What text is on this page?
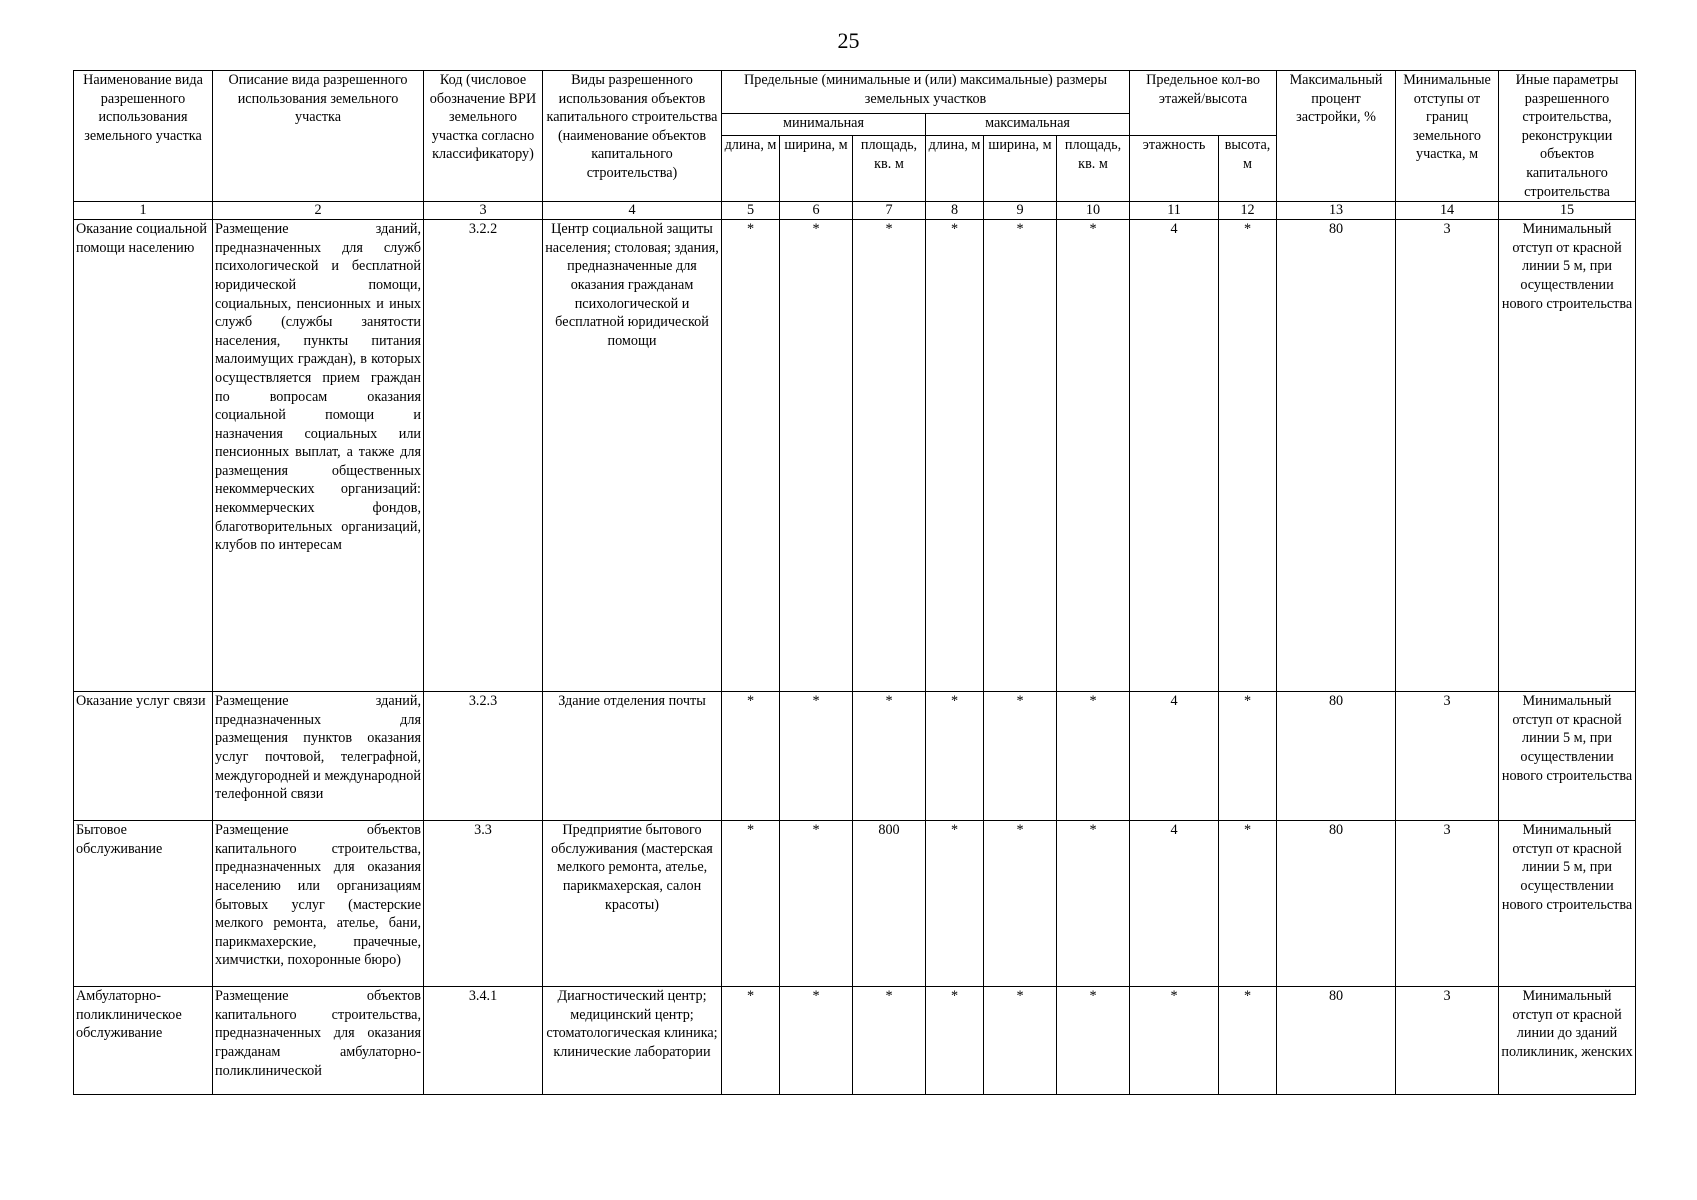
25
Наименование вида разрешенного использования земельного участка	Описание вида разрешенного использования земельного участка	Код (числовое обозначение ВРИ земельного участка согласно классификатору)	Виды разрешенного использования объектов капитального строительства (наименование объектов капитального строительства)	Предельные (минимальные и (или) максимальные) размеры земельных участков						Предельное кол-во этажей/высота		Максимальный процент застройки, %	Минимальные отступы от границ земельного участка, м	Иные параметры разрешенного строительства, реконструкции объектов капитального строительства
				минимальная			максимальная							
				длина, м	ширина, м	площадь, кв. м	длина, м	ширина, м	площадь, кв. м	этажность	высота, м			
1	2	3	4	5	6	7	8	9	10	11	12	13	14	15
Оказание социальной помощи населению	Размещение зданий, предназначенных для служб психологической и бесплатной юридической помощи, социальных, пенсионных и иных служб (службы занятости населения, пункты питания малоимущих граждан), в которых осуществляется прием граждан по вопросам оказания социальной помощи и назначения социальных или пенсионных выплат, а также для размещения общественных некоммерческих организаций: некоммерческих фондов, благотворительных организаций, клубов по интересам	3.2.2	Центр социальной защиты населения; столовая; здания, предназначенные для оказания гражданам психологической и бесплатной юридической помощи	*	*	*	*	*	*	4	*	80	3	Минимальный отступ от красной линии 5 м, при осуществлении нового строительства
Оказание услуг связи	Размещение зданий, предназначенных для размещения пунктов оказания услуг почтовой, телеграфной, междугородней и международной телефонной связи	3.2.3	Здание отделения почты	*	*	*	*	*	*	4	*	80	3	Минимальный отступ от красной линии 5 м, при осуществлении нового строительства
Бытовое обслуживание	Размещение объектов капитального строительства, предназначенных для оказания населению или организациям бытовых услуг (мастерские мелкого ремонта, ателье, бани, парикмахерские, прачечные, химчистки, похоронные бюро)	3.3	Предприятие бытового обслуживания (мастерская мелкого ремонта, ателье, парикмахерская, салон красоты)	*	*	800	*	*	*	4	*	80	3	Минимальный отступ от красной линии 5 м, при осуществлении нового строительства
Амбулаторно-поликлиническое обслуживание	Размещение объектов капитального строительства, предназначенных для оказания гражданам амбулаторно-поликлинической	3.4.1	Диагностический центр; медицинский центр; стоматологическая клиника; клинические лаборатории	*	*	*	*	*	*	*	*	80	3	Минимальный отступ от красной линии до зданий поликлиник, женских
